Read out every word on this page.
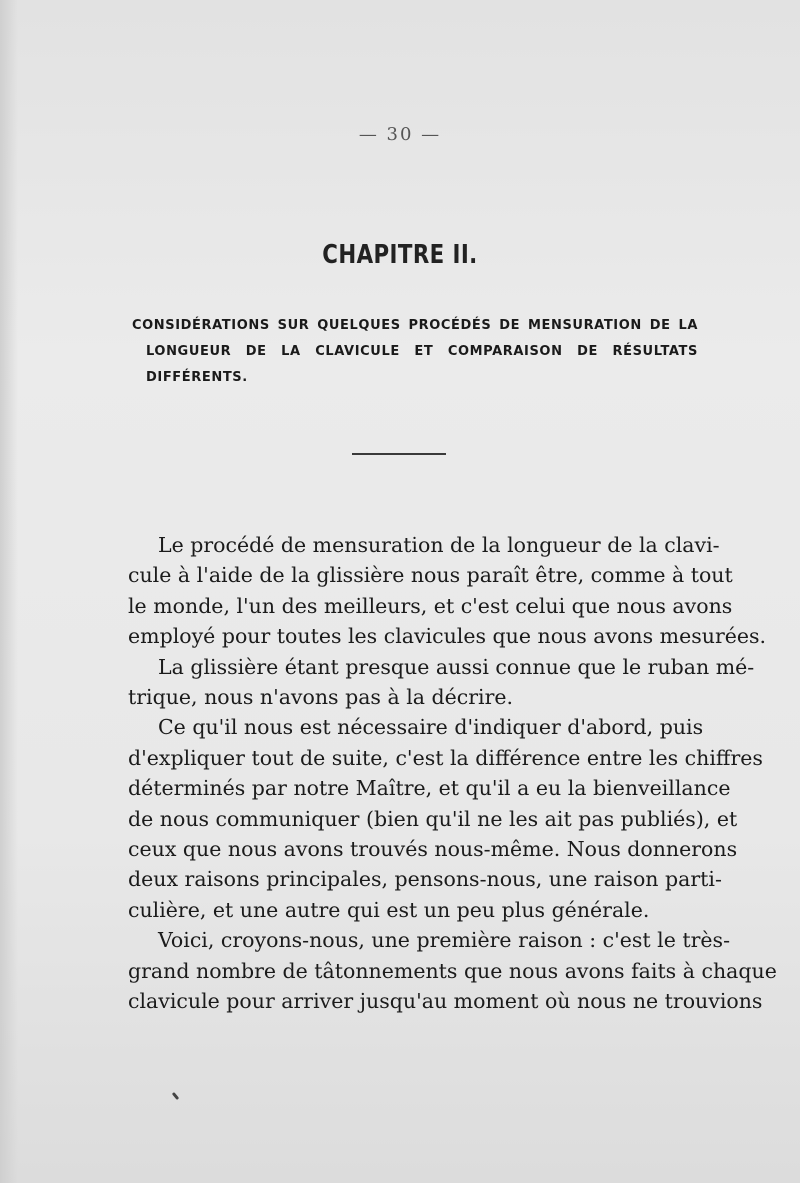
— 30 —
CHAPITRE II.
CONSIDÉRATIONS SUR QUELQUES PROCÉDÉS DE MENSURATION DE LA
LONGUEUR DE LA CLAVICULE ET COMPARAISON DE RÉSULTATS
DIFFÉRENTS.
Le procédé de mensuration de la longueur de la clavi-
cule à l'aide de la glissière nous paraît être, comme à tout
le monde, l'un des meilleurs, et c'est celui que nous avons
employé pour toutes les clavicules que nous avons mesurées.
La glissière étant presque aussi connue que le ruban mé-
trique, nous n'avons pas à la décrire.
Ce qu'il nous est nécessaire d'indiquer d'abord, puis
d'expliquer tout de suite, c'est la différence entre les chiffres
déterminés par notre Maître, et qu'il a eu la bienveillance
de nous communiquer (bien qu'il ne les ait pas publiés), et
ceux que nous avons trouvés nous-même. Nous donnerons
deux raisons principales, pensons-nous, une raison parti-
culière, et une autre qui est un peu plus générale.
Voici, croyons-nous, une première raison : c'est le très-
grand nombre de tâtonnements que nous avons faits à chaque
clavicule pour arriver jusqu'au moment où nous ne trouvions
